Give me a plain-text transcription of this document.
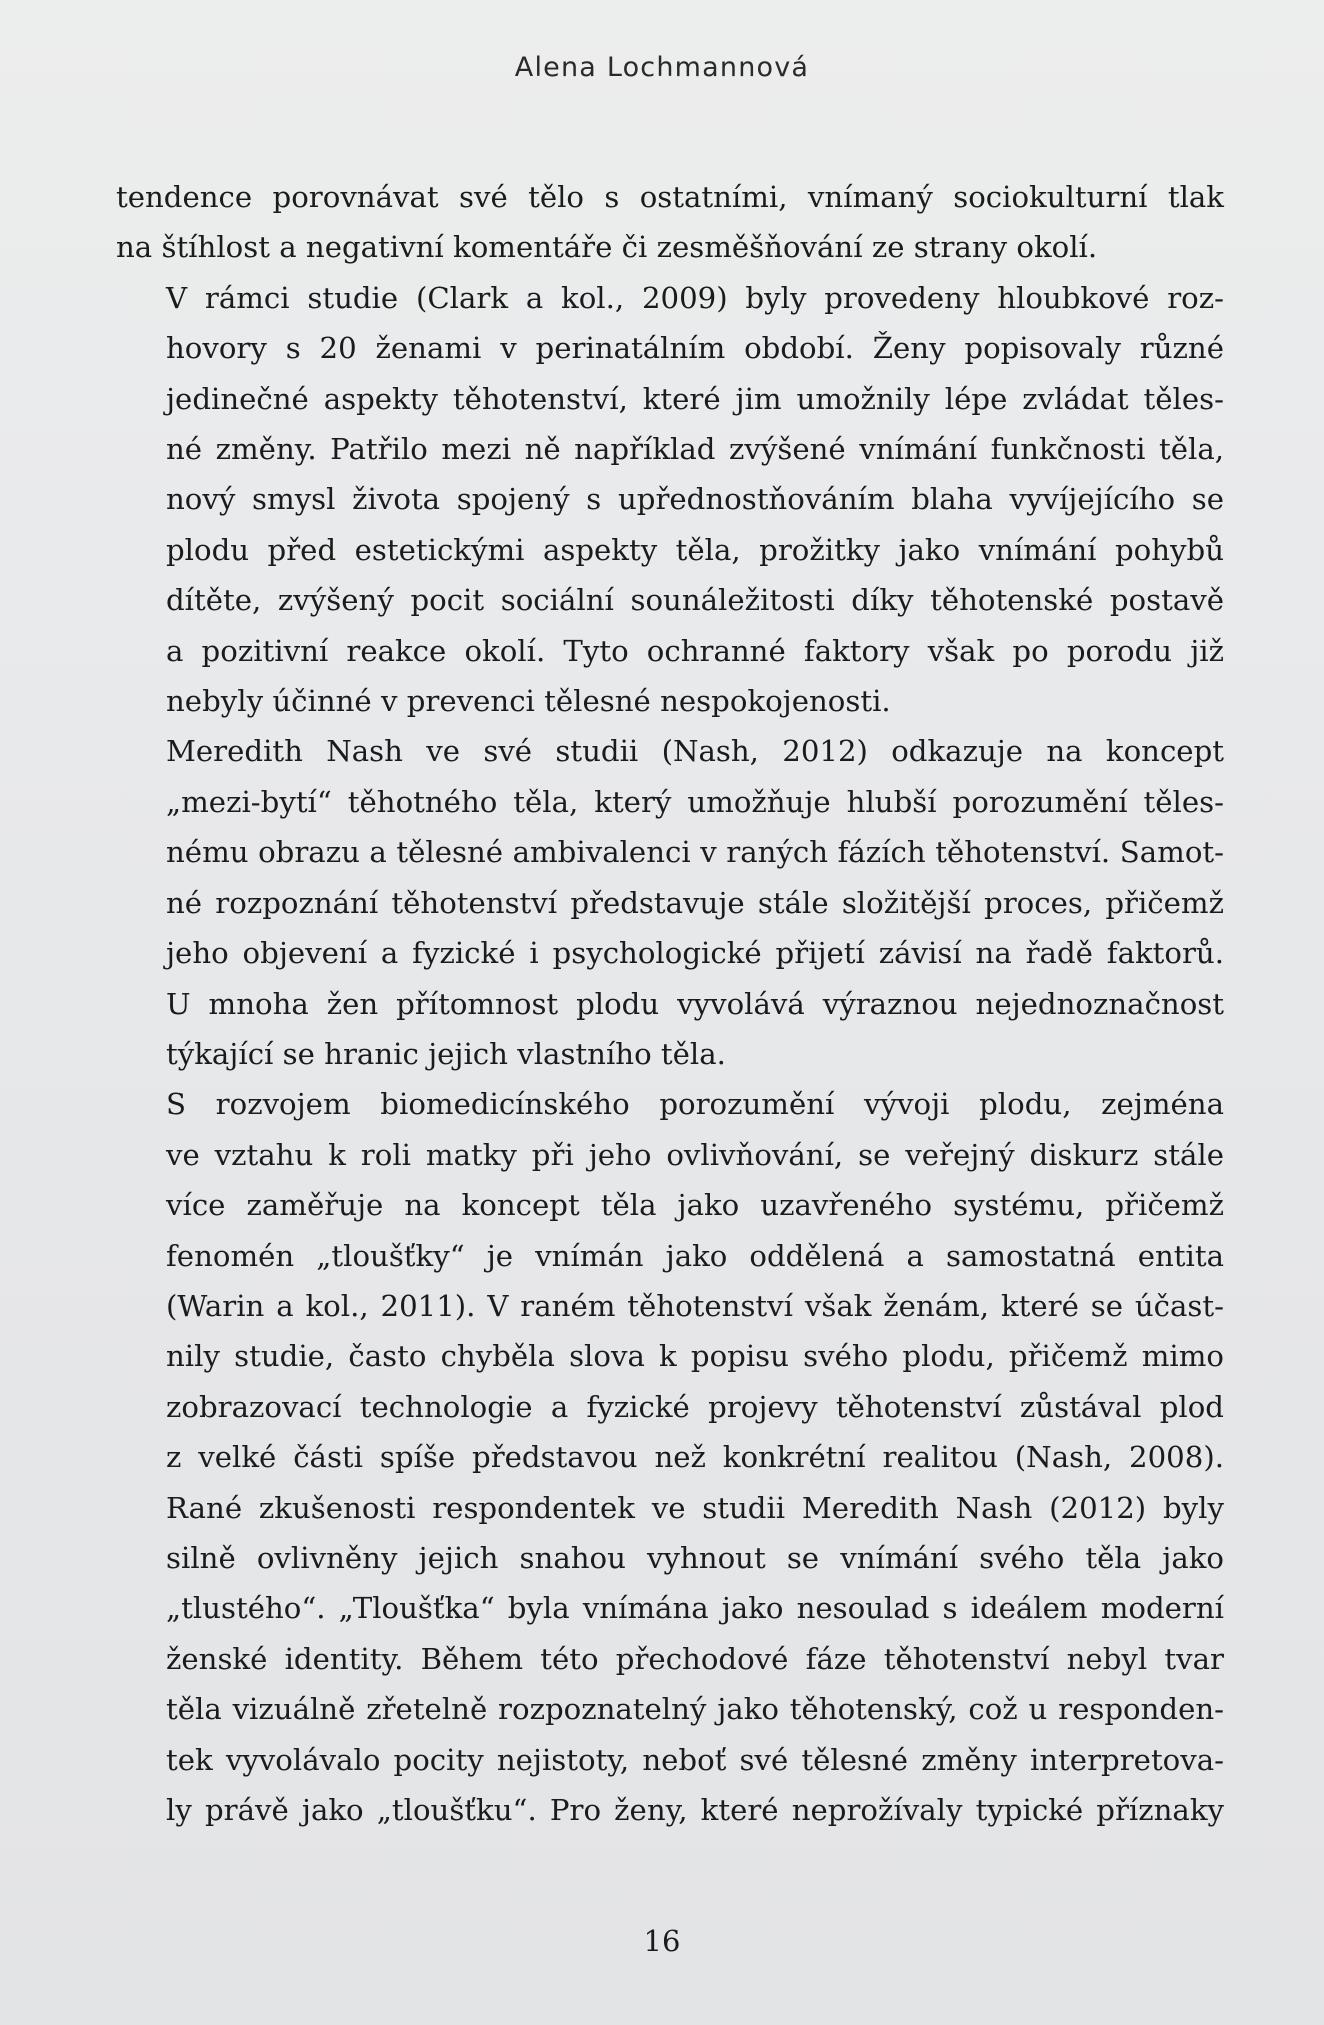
Alena Lochmannová

tendence porovnávat své tělo s ostatními, vnímaný sociokulturní tlak
na štíhlost a negativní komentáře či zesměšňování ze strany okolí.

V rámci studie (Clark a kol., 2009) byly provedeny hloubkové roz-
hovory s 20 ženami v perinatálním období. Ženy popisovaly různé
jedinečné aspekty těhotenství, které jim umožnily lépe zvládat těles-
né změny. Patřilo mezi ně například zvýšené vnímání funkčnosti těla,
nový smysl života spojený s upřednostňováním blaha vyvíjejícího se
plodu před estetickými aspekty těla, prožitky jako vnímání pohybů
dítěte, zvýšený pocit sociální sounáležitosti díky těhotenské postavě
a pozitivní reakce okolí. Tyto ochranné faktory však po porodu již
nebyly účinné v prevenci tělesné nespokojenosti.

Meredith Nash ve své studii (Nash, 2012) odkazuje na koncept
„mezi-bytí“ těhotného těla, který umožňuje hlubší porozumění těles-
nému obrazu a tělesné ambivalenci v raných fázích těhotenství. Samot-
né rozpoznání těhotenství představuje stále složitější proces, přičemž
jeho objevení a fyzické i psychologické přijetí závisí na řadě faktorů.
U mnoha žen přítomnost plodu vyvolává výraznou nejednoznačnost
týkající se hranic jejich vlastního těla.

S rozvojem biomedicínského porozumění vývoji plodu, zejména
ve vztahu k roli matky při jeho ovlivňování, se veřejný diskurz stále
více zaměřuje na koncept těla jako uzavřeného systému, přičemž
fenomén „tloušťky“ je vnímán jako oddělená a samostatná entita
(Warin a kol., 2011). V raném těhotenství však ženám, které se účast-
nily studie, často chyběla slova k popisu svého plodu, přičemž mimo
zobrazovací technologie a fyzické projevy těhotenství zůstával plod
z velké části spíše představou než konkrétní realitou (Nash, 2008).
Rané zkušenosti respondentek ve studii Meredith Nash (2012) byly
silně ovlivněny jejich snahou vyhnout se vnímání svého těla jako
„tlustého“. „Tloušťka“ byla vnímána jako nesoulad s ideálem moderní
ženské identity. Během této přechodové fáze těhotenství nebyl tvar
těla vizuálně zřetelně rozpoznatelný jako těhotenský, což u responden-
tek vyvolávalo pocity nejistoty, neboť své tělesné změny interpretova-
ly právě jako „tloušťku“. Pro ženy, které neprožívaly typické příznaky

16
